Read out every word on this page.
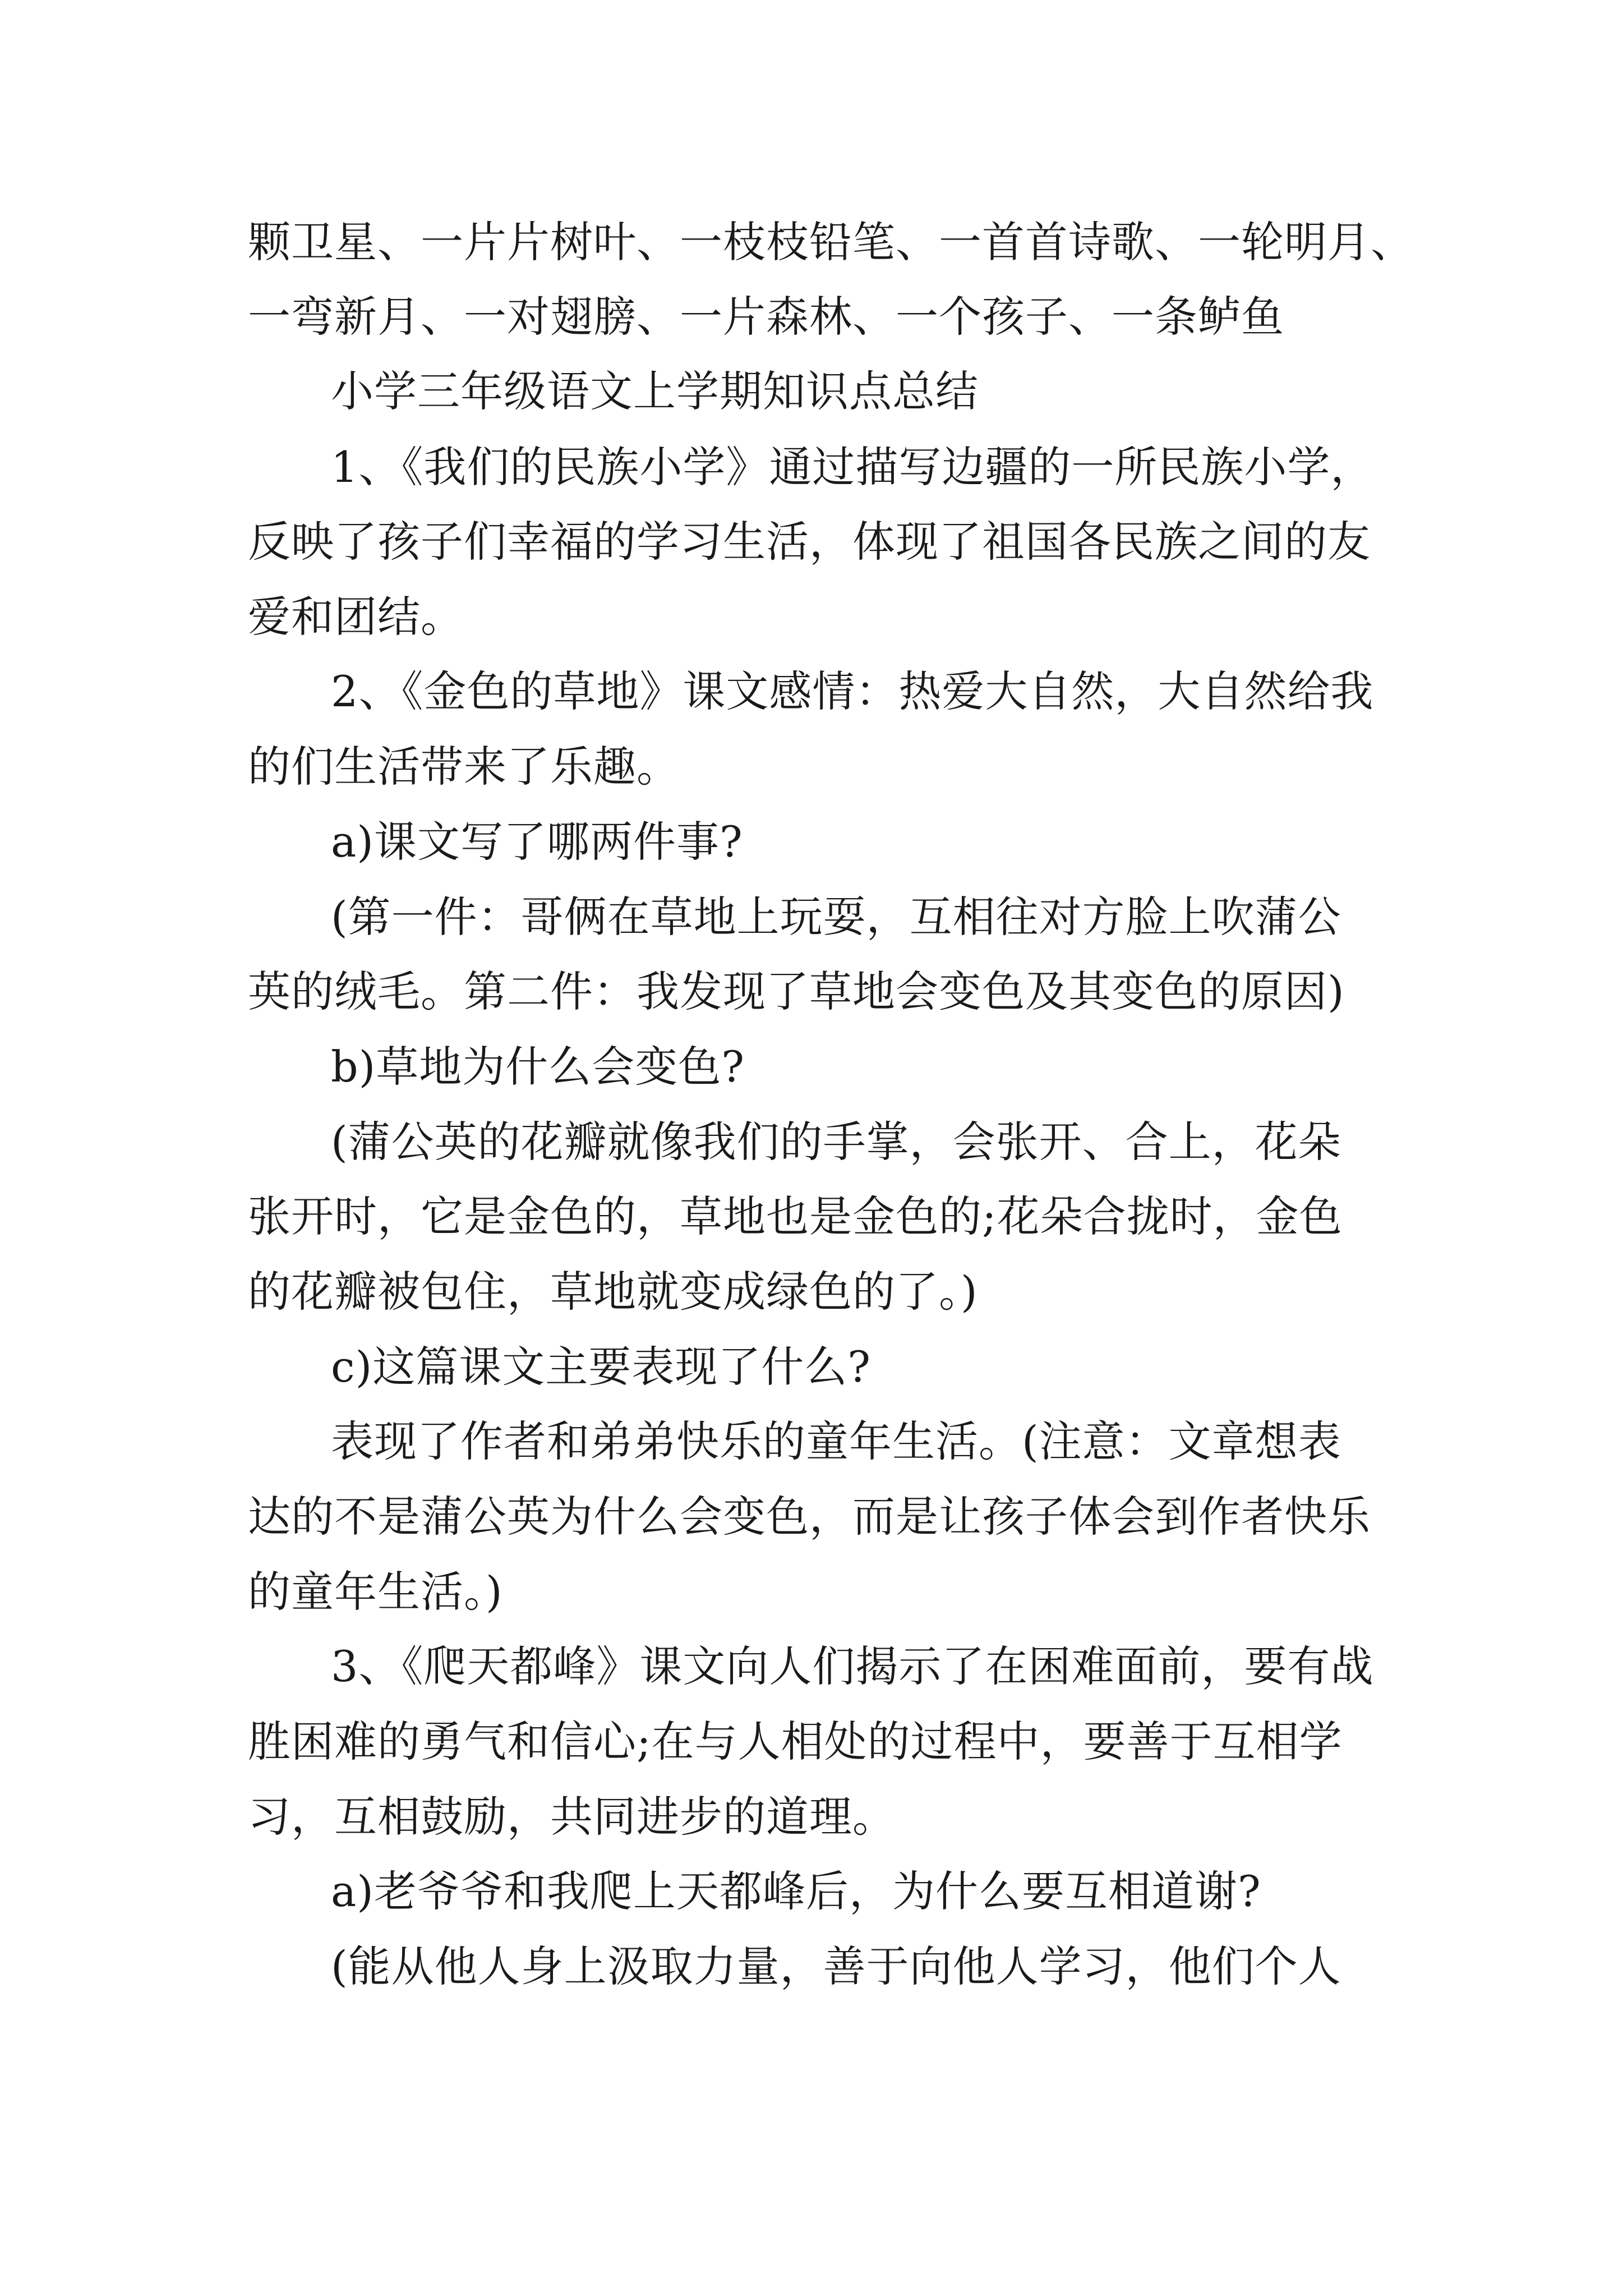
颗卫星、一片片树叶、一枝枝铅笔、一首首诗歌、一轮明月、
一弯新月、一对翅膀、一片森林、一个孩子、一条鲈鱼
小学三年级语文上学期知识点总结
1、《我们的民族小学》通过描写边疆的一所民族小学，
反映了孩子们幸福的学习生活，体现了祖国各民族之间的友
爱和团结。
2、《金色的草地》课文感情：热爱大自然，大自然给我
的们生活带来了乐趣。
a)课文写了哪两件事?
(第一件：哥俩在草地上玩耍，互相往对方脸上吹蒲公
英的绒毛。第二件：我发现了草地会变色及其变色的原因)
b)草地为什么会变色?
(蒲公英的花瓣就像我们的手掌，会张开、合上，花朵
张开时，它是金色的，草地也是金色的;花朵合拢时，金色
的花瓣被包住，草地就变成绿色的了。)
c)这篇课文主要表现了什么?
表现了作者和弟弟快乐的童年生活。(注意：文章想表
达的不是蒲公英为什么会变色，而是让孩子体会到作者快乐
的童年生活。)
3、《爬天都峰》课文向人们揭示了在困难面前，要有战
胜困难的勇气和信心;在与人相处的过程中，要善于互相学
习，互相鼓励，共同进步的道理。
a)老爷爷和我爬上天都峰后，为什么要互相道谢?
(能从他人身上汲取力量，善于向他人学习，他们个人
